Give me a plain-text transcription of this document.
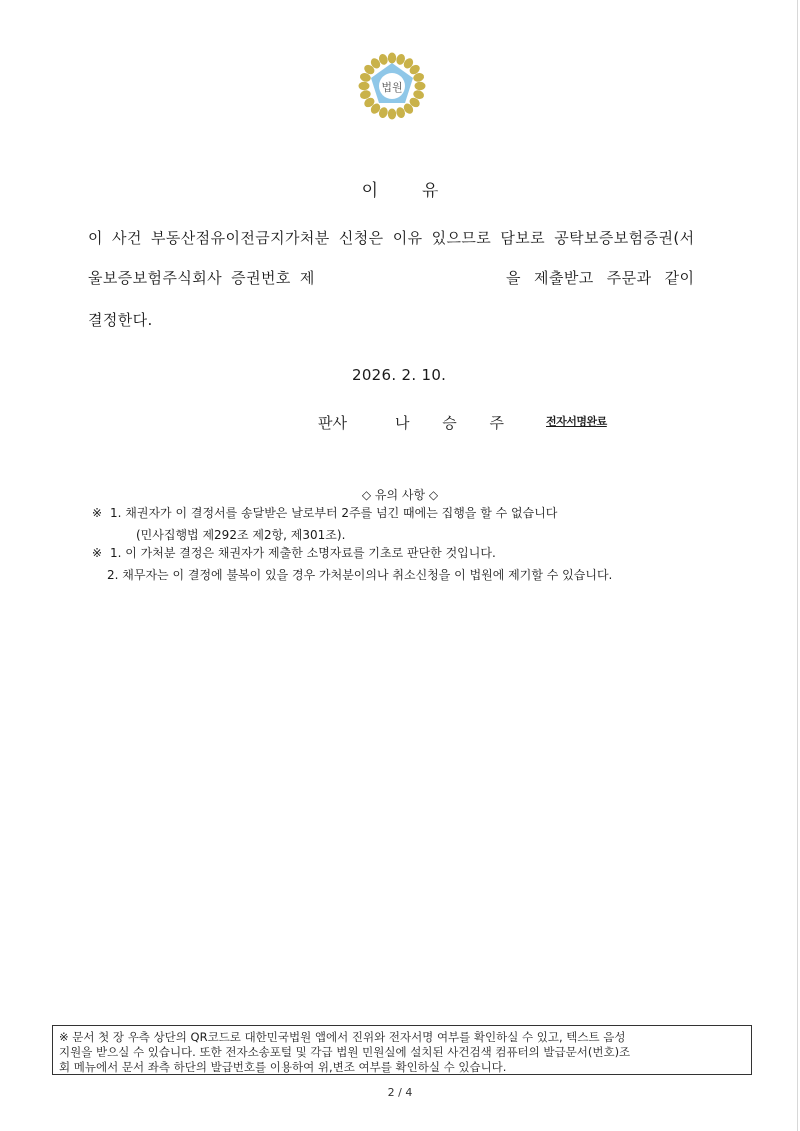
법원
이	유
이 사건 부동산점유이전금지가처분 신청은 이유 있으므로 담보로 공탁보증보험증권(서
울보증보험주식회사 증권번호 제	을 제출받고 주문과 같이
결정한다.
2026. 2. 10.
판사	나 승 주	전자서명완료
◇ 유의 사항 ◇
※ 1. 채권자가 이 결정서를 송달받은 날로부터 2주를 넘긴 때에는 집행을 할 수 없습니다
(민사집행법 제292조 제2항, 제301조).
※ 1. 이 가처분 결정은 채권자가 제출한 소명자료를 기초로 판단한 것입니다.
2. 채무자는 이 결정에 불복이 있을 경우 가처분이의나 취소신청을 이 법원에 제기할 수 있습니다.
※ 문서 첫 장 우측 상단의 QR코드로 대한민국법원 앱에서 진위와 전자서명 여부를 확인하실 수 있고, 텍스트 음성
지원을 받으실 수 있습니다. 또한 전자소송포털 및 각급 법원 민원실에 설치된 사건검색 컴퓨터의 발급문서(번호)조
회 메뉴에서 문서 좌측 하단의 발급번호를 이용하여 위,변조 여부를 확인하실 수 있습니다.
2 / 4
